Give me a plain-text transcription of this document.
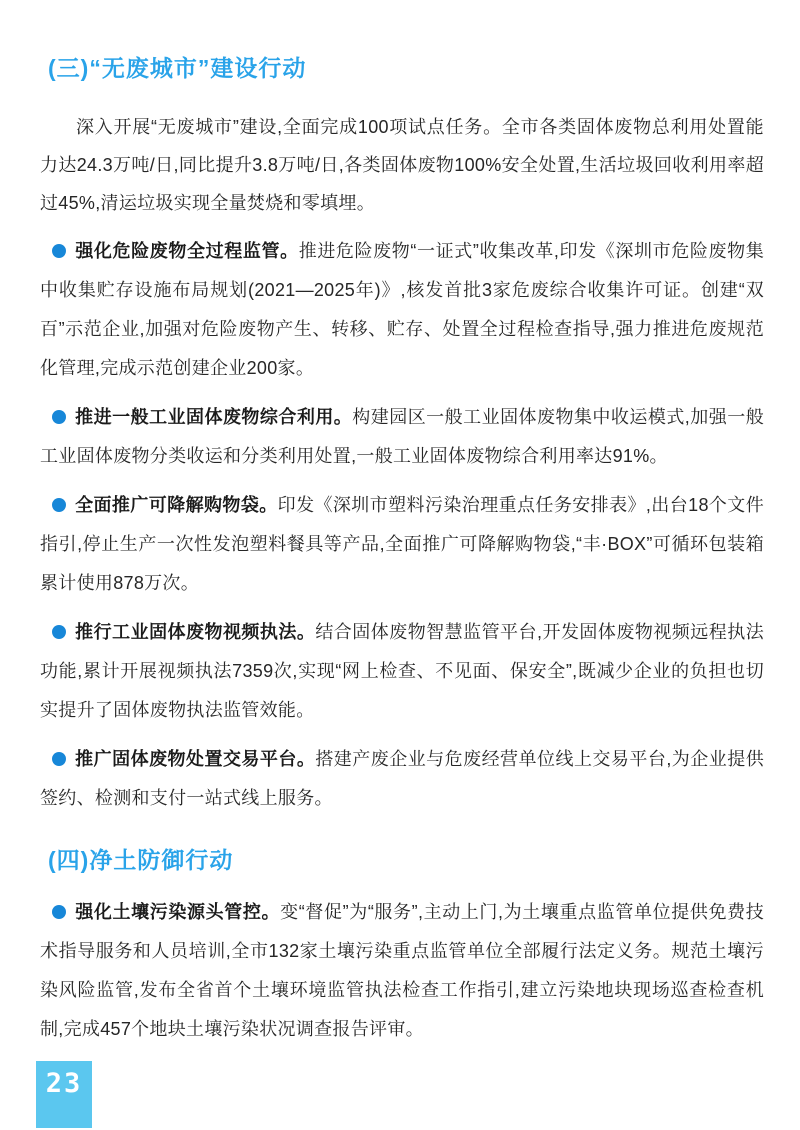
(三)“无废城市”建设行动

深入开展“无废城市”建设,全面完成100项试点任务。全市各类固体废物总利用处置能力达24.3万吨/日,同比提升3.8万吨/日,各类固体废物100%安全处置,生活垃圾回收利用率超过45%,清运垃圾实现全量焚烧和零填埋。

强化危险废物全过程监管。推进危险废物“一证式”收集改革,印发《深圳市危险废物集中收集贮存设施布局规划(2021—2025年)》,核发首批3家危废综合收集许可证。创建“双百”示范企业,加强对危险废物产生、转移、贮存、处置全过程检查指导,强力推进危废规范化管理,完成示范创建企业200家。

推进一般工业固体废物综合利用。构建园区一般工业固体废物集中收运模式,加强一般工业固体废物分类收运和分类利用处置,一般工业固体废物综合利用率达91%。

全面推广可降解购物袋。印发《深圳市塑料污染治理重点任务安排表》,出台18个文件指引,停止生产一次性发泡塑料餐具等产品,全面推广可降解购物袋,“丰·BOX”可循环包装箱累计使用878万次。

推行工业固体废物视频执法。结合固体废物智慧监管平台,开发固体废物视频远程执法功能,累计开展视频执法7359次,实现“网上检查、不见面、保安全”,既减少企业的负担也切实提升了固体废物执法监管效能。

推广固体废物处置交易平台。搭建产废企业与危废经营单位线上交易平台,为企业提供签约、检测和支付一站式线上服务。

(四)净土防御行动

强化土壤污染源头管控。变“督促”为“服务”,主动上门,为土壤重点监管单位提供免费技术指导服务和人员培训,全市132家土壤污染重点监管单位全部履行法定义务。规范土壤污染风险监管,发布全省首个土壤环境监管执法检查工作指引,建立污染地块现场巡查检查机制,完成457个地块土壤污染状况调查报告评审。

23
